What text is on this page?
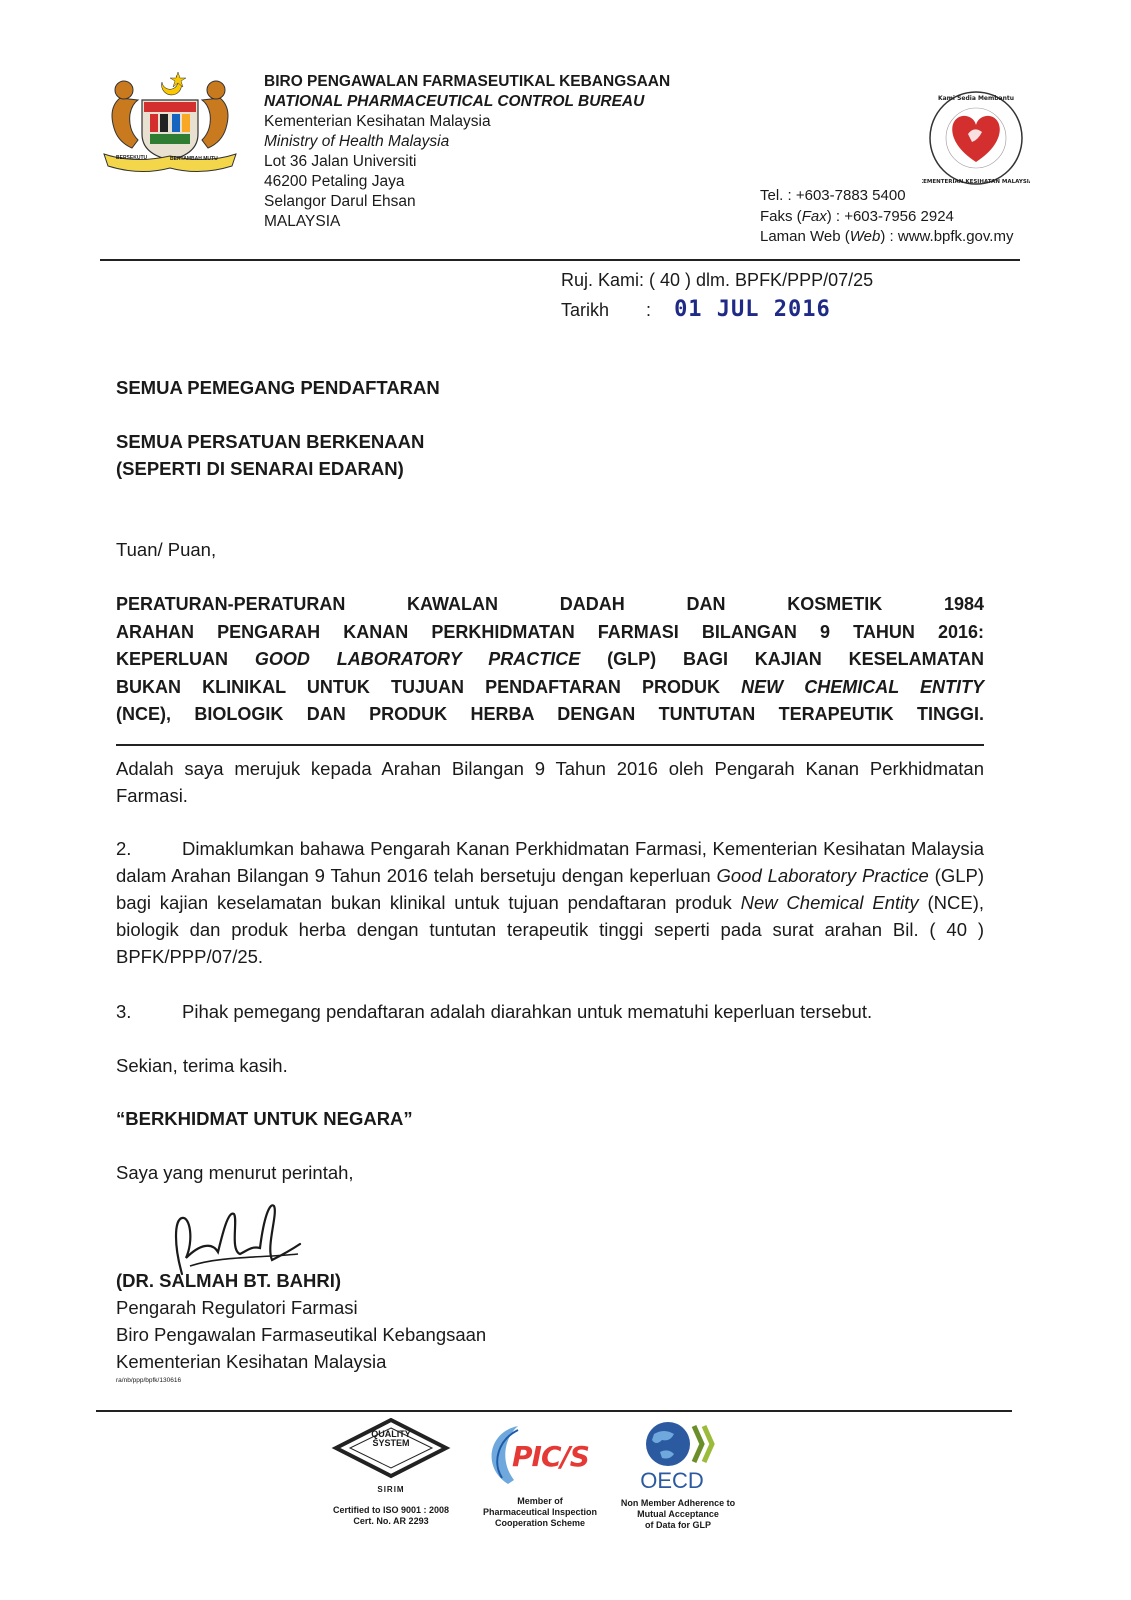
BERSEKUTU	BERTAMBAH MUTU
BIRO PENGAWALAN FARMASEUTIKAL KEBANGSAAN
NATIONAL PHARMACEUTICAL CONTROL BUREAU
Kementerian Kesihatan Malaysia
Ministry of Health Malaysia
Lot 36 Jalan Universiti
46200 Petaling Jaya
Selangor Darul Ehsan
MALAYSIA
Kami Sedia Membantu
KEMENTERIAN KESIHATAN MALAYSIA
Tel. : +603-7883 5400
Faks (Fax) : +603-7956 2924
Laman Web (Web) : www.bpfk.gov.my
Ruj. Kami: ( 40 ) dlm. BPFK/PPP/07/25
Tarikh : 01 JUL 2016
SEMUA PEMEGANG PENDAFTARAN
SEMUA PERSATUAN BERKENAAN
(SEPERTI DI SENARAI EDARAN)
Tuan/ Puan,
PERATURAN-PERATURAN KAWALAN DADAH DAN KOSMETIK 1984
ARAHAN PENGARAH KANAN PERKHIDMATAN FARMASI BILANGAN 9 TAHUN 2016:
KEPERLUAN GOOD LABORATORY PRACTICE (GLP) BAGI KAJIAN KESELAMATAN
BUKAN KLINIKAL UNTUK TUJUAN PENDAFTARAN PRODUK NEW CHEMICAL ENTITY
(NCE), BIOLOGIK DAN PRODUK HERBA DENGAN TUNTUTAN TERAPEUTIK TINGGI.
Adalah saya merujuk kepada Arahan Bilangan 9 Tahun 2016 oleh Pengarah Kanan Perkhidmatan Farmasi.
2.	Dimaklumkan bahawa Pengarah Kanan Perkhidmatan Farmasi, Kementerian Kesihatan Malaysia dalam Arahan Bilangan 9 Tahun 2016 telah bersetuju dengan keperluan Good Laboratory Practice (GLP) bagi kajian keselamatan bukan klinikal untuk tujuan pendaftaran produk New Chemical Entity (NCE), biologik dan produk herba dengan tuntutan terapeutik tinggi seperti pada surat arahan Bil. ( 40 ) BPFK/PPP/07/25.
3.	Pihak pemegang pendaftaran adalah diarahkan untuk mematuhi keperluan tersebut.
Sekian, terima kasih.
“BERKHIDMAT UNTUK NEGARA”
Saya yang menurut perintah,
(DR. SALMAH BT. BAHRI)
Pengarah Regulatori Farmasi
Biro Pengawalan Farmaseutikal Kebangsaan
Kementerian Kesihatan Malaysia
ra/nb/ppp/bpfk/130616
QUALITY
SYSTEM
SIRIM
Certified to ISO 9001 : 2008
Cert. No. AR 2293
PIC/S
Member of
Pharmaceutical Inspection
Cooperation Scheme
OECD
Non Member Adherence to
Mutual Acceptance
of Data for GLP
